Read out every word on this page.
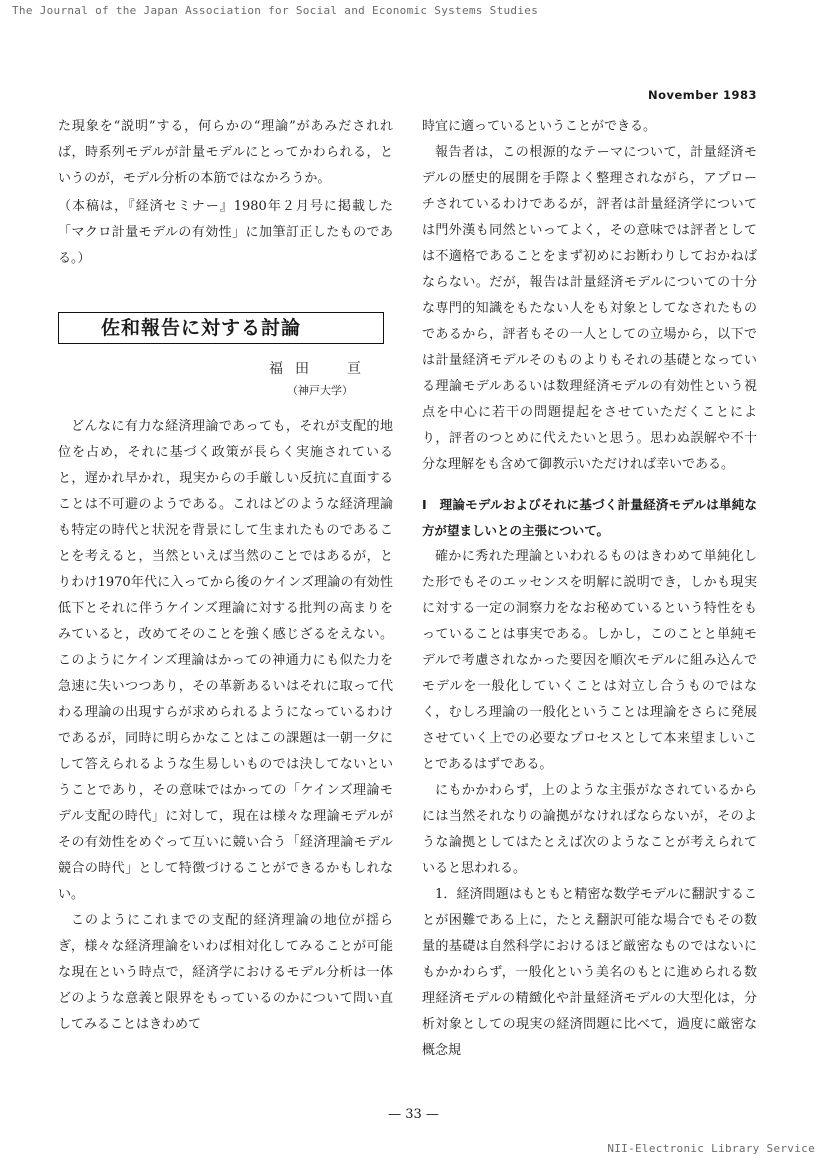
The Journal of the Japan Association for Social and Economic Systems Studies
November 1983

た現象を“説明”する，何らかの“理論”があみだされれば，時系列モデルが計量モデルにとってかわられる，というのが，モデル分析の本筋ではなかろうか。

（本稿は，『経済セミナー』1980年２月号に掲載した「マクロ計量モデルの有効性」に加筆訂正したものである。）

佐和報告に対する討論
福田　亘
（神戸大学）

どんなに有力な経済理論であっても，それが支配的地位を占め，それに基づく政策が長らく実施されていると，遅かれ早かれ，現実からの手厳しい反抗に直面することは不可避のようである。これはどのような経済理論も特定の時代と状況を背景にして生まれたものであることを考えると，当然といえば当然のことではあるが，とりわけ1970年代に入ってから後のケインズ理論の有効性低下とそれに伴うケインズ理論に対する批判の高まりをみていると，改めてそのことを強く感じざるをえない。このようにケインズ理論はかっての神通力にも似た力を急速に失いつつあり，その革新あるいはそれに取って代わる理論の出現すらが求められるようになっているわけであるが，同時に明らかなことはこの課題は一朝一夕にして答えられるような生易しいものでは決してないということであり，その意味ではかっての「ケインズ理論モデル支配の時代」に対して，現在は様々な理論モデルがその有効性をめぐって互いに競い合う「経済理論モデル競合の時代」として特徴づけることができるかもしれない。

このようにこれまでの支配的経済理論の地位が揺らぎ，様々な経済理論をいわば相対化してみることが可能な現在という時点で，経済学におけるモデル分析は一体どのような意義と限界をもっているのかについて問い直してみることはきわめて

時宜に適っているということができる。

報告者は，この根源的なテーマについて，計量経済モデルの歴史的展開を手際よく整理されながら，アプローチされているわけであるが，評者は計量経済学については門外漢も同然といってよく，その意味では評者としては不適格であることをまず初めにお断わりしておかねばならない。だが，報告は計量経済モデルについての十分な専門的知識をもたない人をも対象としてなされたものであるから，評者もその一人としての立場から，以下では計量経済モデルそのものよりもそれの基礎となっている理論モデルあるいは数理経済モデルの有効性という視点を中心に若干の問題提起をさせていただくことにより，評者のつとめに代えたいと思う。思わぬ誤解や不十分な理解をも含めて御教示いただければ幸いである。

Ⅰ　理論モデルおよびそれに基づく計量経済モデルは単純な方が望ましいとの主張について。

確かに秀れた理論といわれるものはきわめて単純化した形でもそのエッセンスを明解に説明でき，しかも現実に対する一定の洞察力をなお秘めているという特性をもっていることは事実である。しかし，このことと単純モデルで考慮されなかった要因を順次モデルに組み込んでモデルを一般化していくことは対立し合うものではなく，むしろ理論の一般化ということは理論をさらに発展させていく上での必要なプロセスとして本来望ましいことであるはずである。

にもかかわらず，上のような主張がなされているからには当然それなりの論拠がなければならないが，そのような論拠としてはたとえば次のようなことが考えられていると思われる。

1．経済問題はもともと精密な数学モデルに翻訳することが困難である上に，たとえ翻訳可能な場合でもその数量的基礎は自然科学におけるほど厳密なものではないにもかかわらず，一般化という美名のもとに進められる数理経済モデルの精緻化や計量経済モデルの大型化は，分析対象としての現実の経済問題に比べて，過度に厳密な概念規

— 33 —
NII-Electronic Library Service
